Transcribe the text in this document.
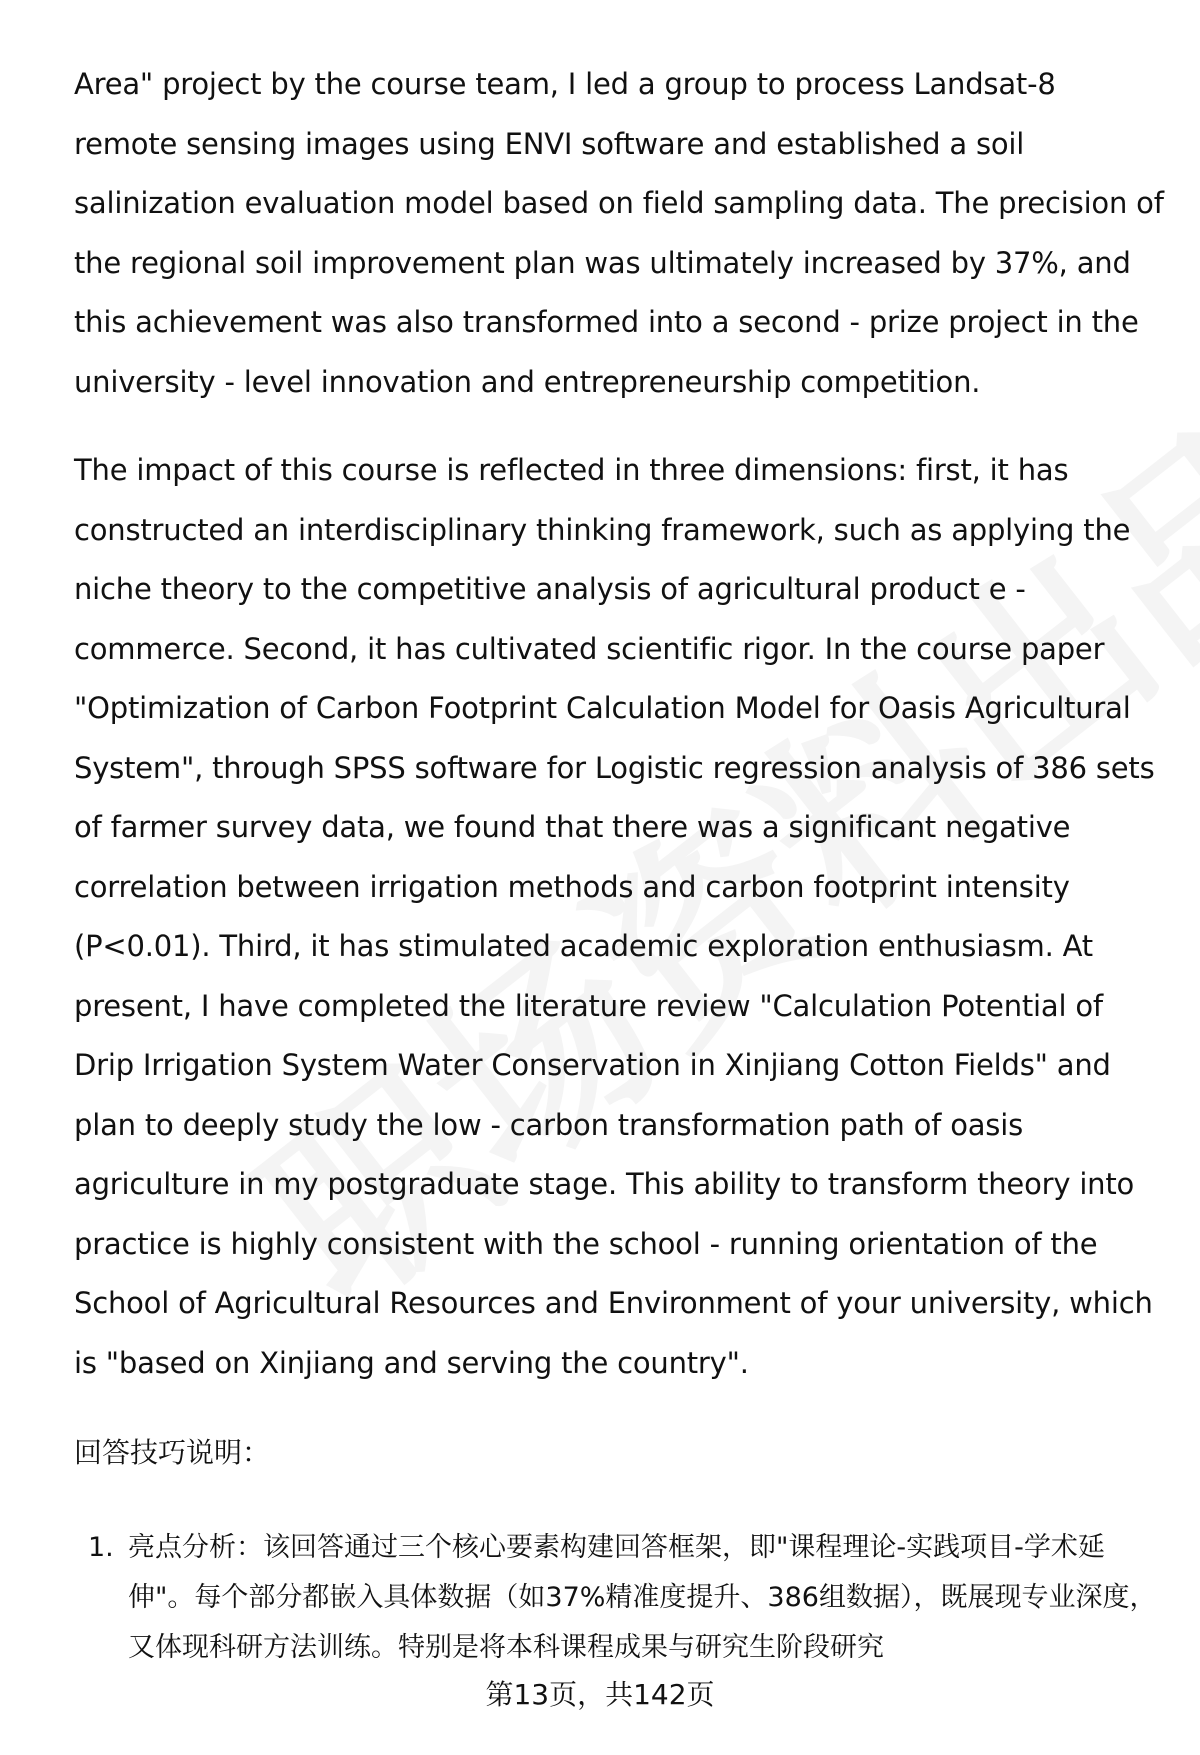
Area" project by the course team, I led a group to process Landsat-8 remote sensing images using ENVI software and established a soil salinization evaluation model based on field sampling data. The precision of the regional soil improvement plan was ultimately increased by 37%, and this achievement was also transformed into a second - prize project in the university - level innovation and entrepreneurship competition.

The impact of this course is reflected in three dimensions: first, it has constructed an interdisciplinary thinking framework, such as applying the niche theory to the competitive analysis of agricultural product e - commerce. Second, it has cultivated scientific rigor. In the course paper "Optimization of Carbon Footprint Calculation Model for Oasis Agricultural System", through SPSS software for Logistic regression analysis of 386 sets of farmer survey data, we found that there was a significant negative correlation between irrigation methods and carbon footprint intensity (P<0.01). Third, it has stimulated academic exploration enthusiasm. At present, I have completed the literature review "Calculation Potential of Drip Irrigation System Water Conservation in Xinjiang Cotton Fields" and plan to deeply study the low - carbon transformation path of oasis agriculture in my postgraduate stage. This ability to transform theory into practice is highly consistent with the school - running orientation of the School of Agricultural Resources and Environment of your university, which is "based on Xinjiang and serving the country".

回答技巧说明：
1. 亮点分析：该回答通过三个核心要素构建回答框架，即"课程理论-实践项目-学术延伸"。每个部分都嵌入具体数据（如37%精准度提升、386组数据），既展现专业深度，又体现科研方法训练。特别是将本科课程成果与研究生阶段研究
第13页，共142页
